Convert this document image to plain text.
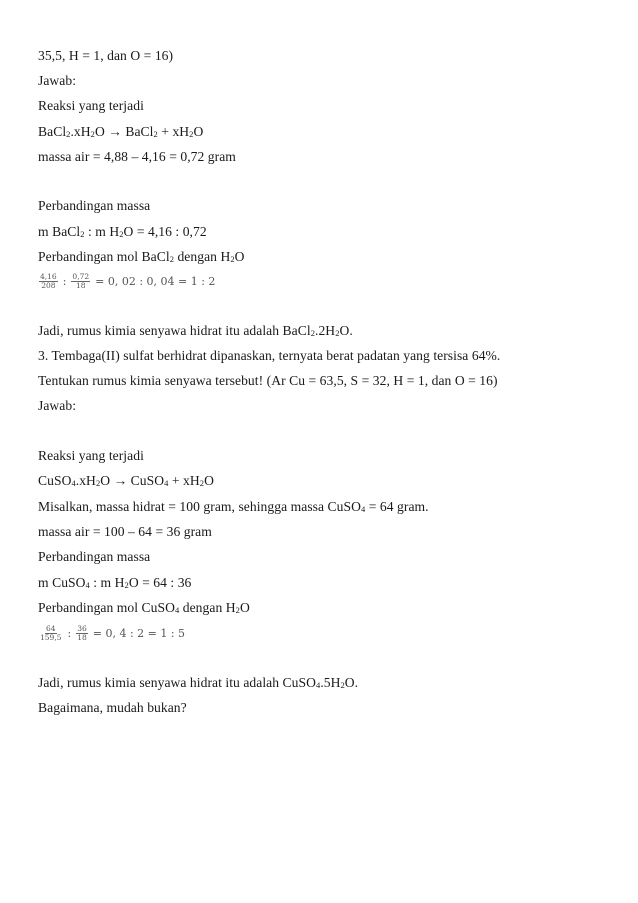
35,5, H = 1, dan O = 16)
Jawab:
Reaksi yang terjadi
$BaCl_2.xH_2O$ → BaCl$_2$ + $xH_2O$
massa air = 4,88 – 4,16 = 0,72 gram
Perbandingan massa
m BaCl$_2$ : m $H_2O = 4,16$ : 0,72
Perbandingan mol BaCl$_2$ dengan $H_2O$
$\frac{4,16}{208}$ : $\frac{0,72}{18} = 0$, 02 : 0, 04 = 1 : 2
Jadi, rumus kimia senyawa hidrat itu adalah $BaCl_2.2H_2O$.
3. Tembaga(II) sulfat berhidrat dipanaskan, ternyata berat padatan yang tersisa 64%.
Tentukan rumus kimia senyawa tersebut! (Ar Cu = 63,5, S = 32, H = 1, dan O = 16)
Jawab:
Reaksi yang terjadi
$CuSO_4.xH_2O$ → CuSO$_4$ + $xH_2O$
Misalkan, massa hidrat = 100 gram, sehingga massa CuSO$_4$ = 64 gram.
massa air = 100 – 64 = 36 gram
Perbandingan massa
m CuSO$_4$ : m $H_2O = 64$ : 36
Perbandingan mol CuSO$_4$ dengan $H_2O$
$\frac{64}{159,5}$ : $\frac{36}{18} = 0$, 4 : 2 = 1 : 5
Jadi, rumus kimia senyawa hidrat itu adalah $CuSO_4.5H_2O$.
Bagaimana, mudah bukan?
